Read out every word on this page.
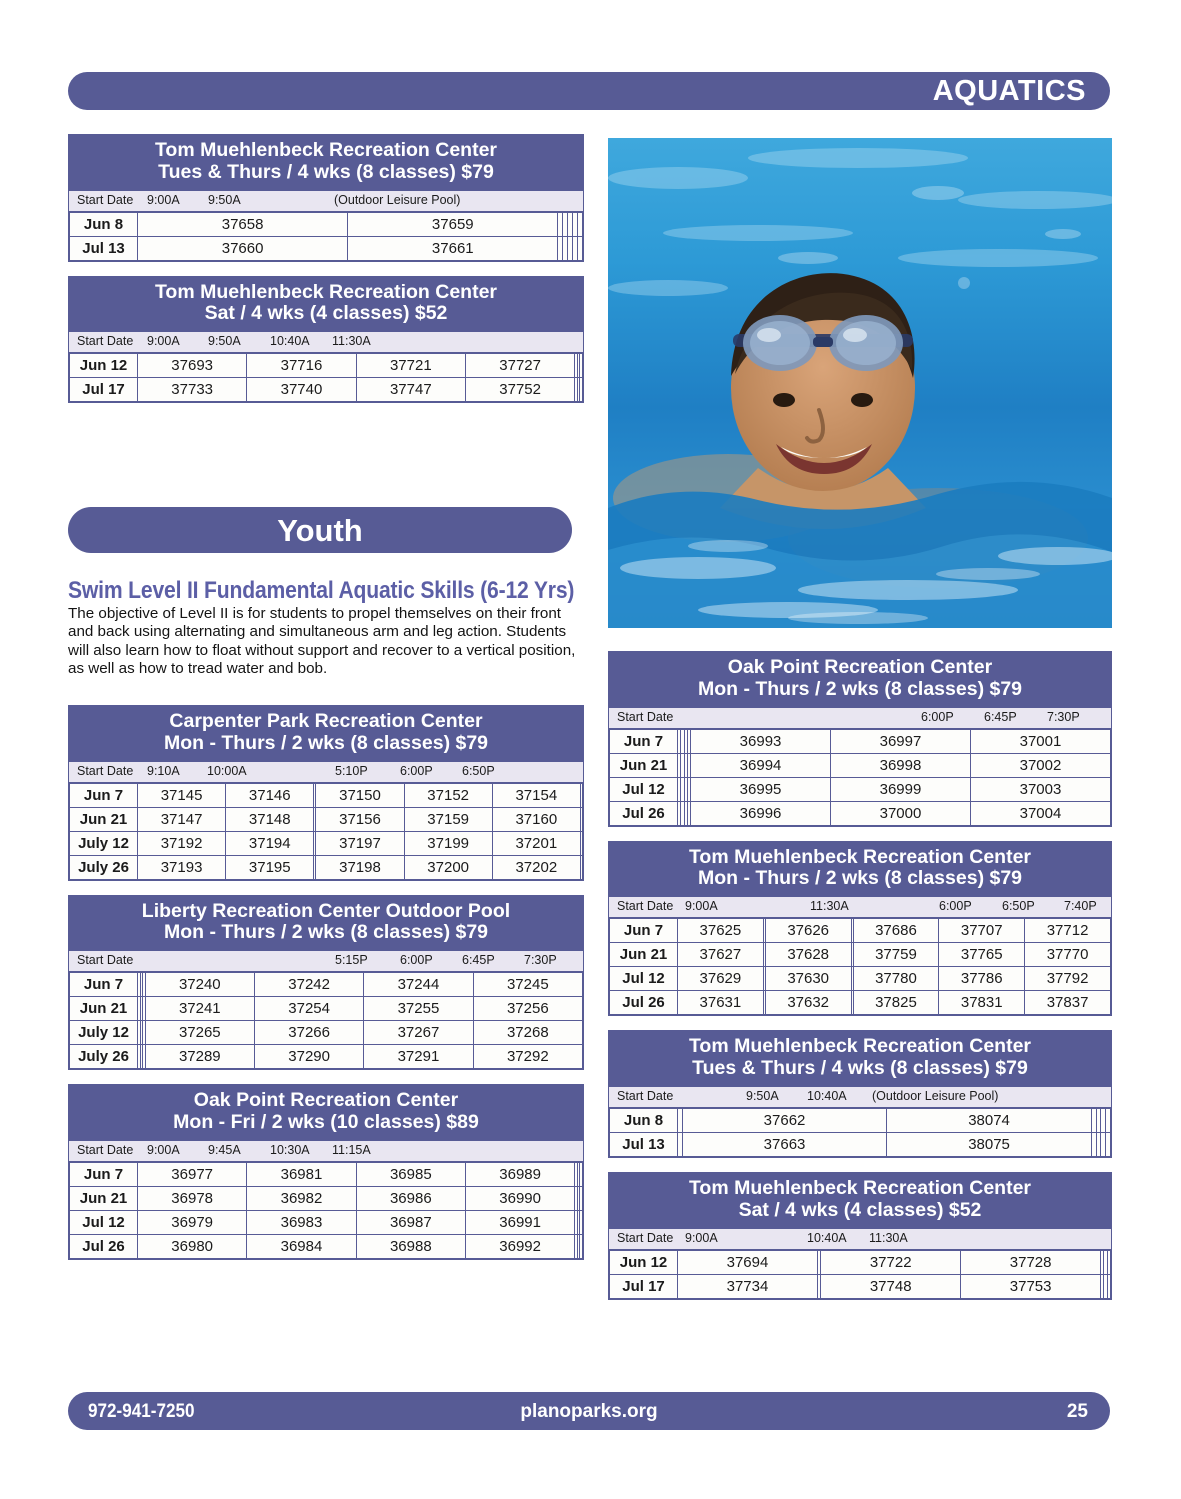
AQUATICS
Youth
Swim Level II Fundamental Aquatic Skills (6-12 Yrs)
The objective of Level II is for students to propel themselves on their front and back using alternating and simultaneous arm and leg action. Students will also learn how to float without support and recover to a vertical position, as well as how to tread water and bob.
Tom Muehlenbeck Recreation Center
Tues & Thurs / 4 wks (8 classes) $79
Start Date 9:00A 9:50A	(Outdoor Leisure Pool)
Jun 8	37658	37659					
Jul 13	37660	37661					
Tom Muehlenbeck Recreation Center
Sat / 4 wks (4 classes) $52
Start Date 9:00A 9:50A 10:40A 11:30A
Jun 12	37693	37716	37721	37727			
Jul 17	37733	37740	37747	37752			
Carpenter Park Recreation Center
Mon - Thurs / 2 wks (8 classes) $79
Start Date 9:10A 10:00A	5:10P	6:00P 6:50P
Jun 7	37145	37146		37150	37152	37154	
Jun 21	37147	37148		37156	37159	37160	
July 12	37192	37194		37197	37199	37201	
July 26	37193	37195		37198	37200	37202	
Liberty Recreation Center Outdoor Pool
Mon - Thurs / 2 wks (8 classes) $79
Start Date	5:15P	6:00P 6:45P 7:30P
Jun 7				37240	37242	37244	37245
Jun 21				37241	37254	37255	37256
July 12				37265	37266	37267	37268
July 26				37289	37290	37291	37292
Oak Point Recreation Center
Mon - Fri / 2 wks (10 classes) $89
Start Date 9:00A 9:45A 10:30A 11:15A
Jun 7	36977	36981	36985	36989			
Jun 21	36978	36982	36986	36990			
Jul 12	36979	36983	36987	36991			
Jul 26	36980	36984	36988	36992			
Oak Point Recreation Center
Mon - Thurs / 2 wks (8 classes) $79
Start Date	6:00P 6:45P 7:30P
Jun 7					36993	36997	37001
Jun 21					36994	36998	37002
Jul 12					36995	36999	37003
Jul 26					36996	37000	37004
Tom Muehlenbeck Recreation Center
Mon - Thurs / 2 wks (8 classes) $79
Start Date 9:00A	11:30A	6:00P 6:50P 7:40P
Jun 7	37625		37626		37686	37707	37712
Jun 21	37627		37628		37759	37765	37770
Jul 12	37629		37630		37780	37786	37792
Jul 26	37631		37632		37825	37831	37837
Tom Muehlenbeck Recreation Center
Tues & Thurs / 4 wks (8 classes) $79
Start Date	9:50A 10:40A (Outdoor Leisure Pool)
Jun 8		37662	38074				
Jul 13		37663	38075				
Tom Muehlenbeck Recreation Center
Sat / 4 wks (4 classes) $52
Start Date 9:00A	10:40A 11:30A
Jun 12	37694		37722	37728			
Jul 17	37734		37748	37753			
972-941-7250	planoparks.org	25
